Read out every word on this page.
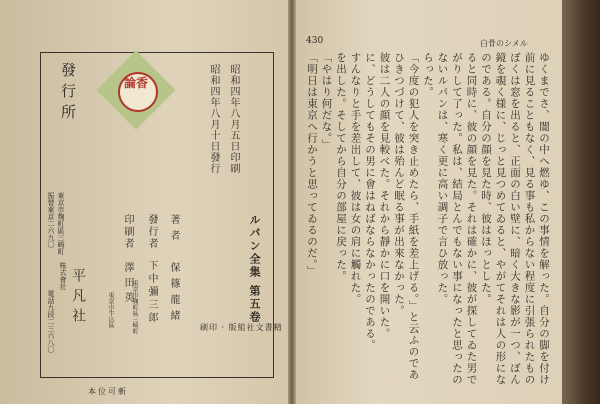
昭和四年八月五日印刷
昭和四年八月十日發行
論香
ルパン全集 第五卷
著者
保篠龍緒
發行者
下中彌三郎
東京市麹町區三崎町
印刷者
澤田英
東京市牛込區
發行所
東京市麹町區三崎町
振替東京二六九〇
株式會社 平凡社
電話九段二三六八〇	刷印 · 版組社文書精
本位可斬
430	白骨のシメル
ゆくまでさ、闇の中へ燃ゆ、この事情を解った。自分の脚を付け
前に見ることもなく、見る事も私からない程度に引張られたもの
ぼくは窓を出ると、正面の白い壁に、暗く大きな影が一つ、ぼん
鏡を覗く様に、じっと見つめてゐると、やがてそれは人の形にな
のである。自分の顔を見た時、彼はほっとした。
ると同時に、彼の顔を見た。それは確かに、彼が探してゐた男で
がりして了った。私は、結局とんでもない事になったと思ったの
ないルパンは、寒く更に高い調子で言ひ放った。
らった。
「今度の犯人を突き止めたら、手紙を差上げる。」と云ふのであ
ひきつづけて、彼は殆んど眠る事が出來なかった。
彼は二人の顔を見較べた。それから靜かに口を開いた。
に、どうしてもその男に會はねばならなかったのである。
すんなりと手を差出して、彼は女の肩に觸れた。
を出した。そしてから自分の部屋に戻った。
「やはり何だな。」
「明日は東京へ行かうと思ってゐるのだ。」
